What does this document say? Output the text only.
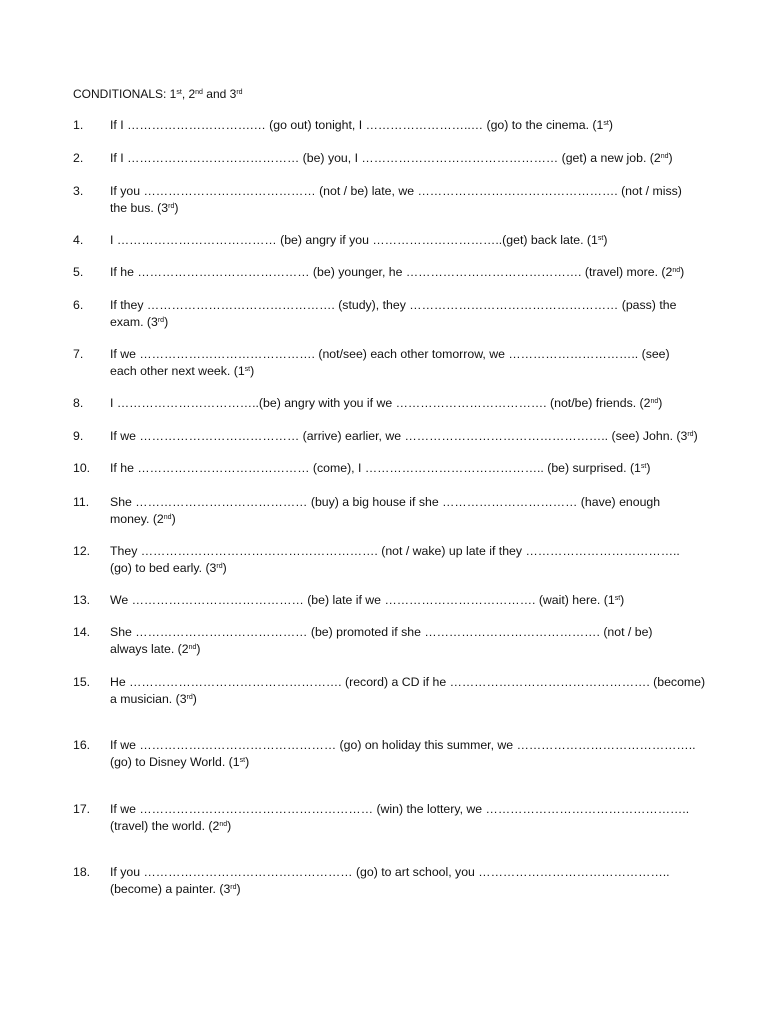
CONDITIONALS: 1st, 2nd and 3rd
1. If I ………………………….… (go out) tonight, I ……………………..… (go) to the cinema. (1st)
2. If I …………………………………… (be) you, I ………………………………………… (get) a new job. (2nd)
3. If you …………………………………… (not / be) late, we …………………………………………. (not / miss)
the bus. (3rd)
4. I ………………………………… (be) angry if you …………………………..(get) back late. (1st)
5. If he …………………………………… (be) younger, he ……………………………………. (travel) more. (2nd)
6. If they ………………………………………. (study), they …………………………………………… (pass) the
exam. (3rd)
7. If we ……………………………………. (not/see) each other tomorrow, we ………………………….. (see)
each other next week. (1st)
8. I ……………………………..(be) angry with you if we ………………………………. (not/be) friends. (2nd)
9. If we ………………………………… (arrive) earlier, we ………………………………………….. (see) John. (3rd)
10. If he …………………………………… (come), I …………………………………….. (be) surprised. (1st)
11. She …………………………………… (buy) a big house if she …………………………… (have) enough
money. (2nd)
12. They …………………………………………………. (not / wake) up late if they ………………………………..
(go) to bed early. (3rd)
13. We …………………………………… (be) late if we ………………………………. (wait) here. (1st)
14. She …………………………………… (be) promoted if she ……………………………………. (not / be)
always late. (2nd)
15. He ……………………………………………. (record) a CD if he …………………………………………. (become)
a musician. (3rd)
16. If we ………………………………………… (go) on holiday this summer, we ……………………………………..
(go) to Disney World. (1st)
17. If we ………………………………………………… (win) the lottery, we …………………………………………..
(travel) the world. (2nd)
18. If you …………………………………………… (go) to art school, you ………………………………………..
(become) a painter. (3rd)
